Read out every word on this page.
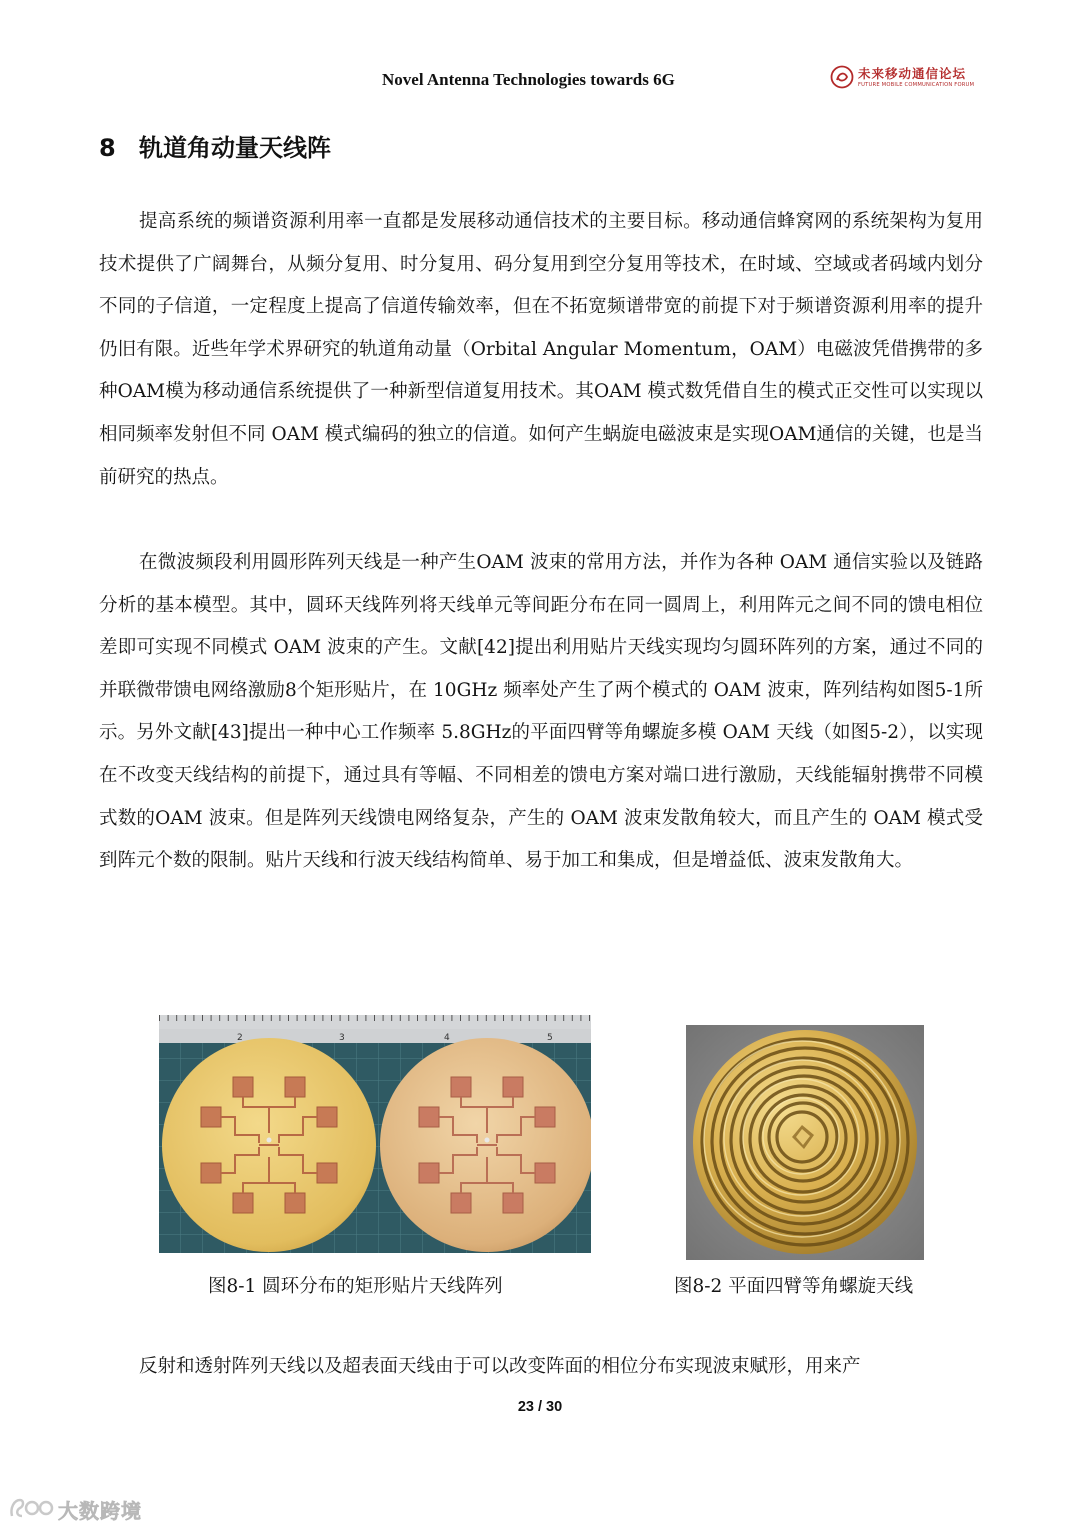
Novel Antenna Technologies towards 6G	未来移动通信论坛
FUTURE MOBILE COMMUNICATION FORUM
8 轨道角动量天线阵
提高系统的频谱资源利用率一直都是发展移动通信技术的主要目标。移动通信蜂窝网的系统架构为复用技术提供了广阔舞台，从频分复用、时分复用、码分复用到空分复用等技术，在时域、空域或者码域内划分不同的子信道，一定程度上提高了信道传输效率，但在不拓宽频谱带宽的前提下对于频谱资源利用率的提升仍旧有限。近些年学术界研究的轨道角动量（Orbital Angular Momentum，OAM）电磁波凭借携带的多种OAM模为移动通信系统提供了一种新型信道复用技术。其OAM 模式数凭借自生的模式正交性可以实现以相同频率发射但不同 OAM 模式编码的独立的信道。如何产生蜗旋电磁波束是实现OAM通信的关键，也是当前研究的热点。
在微波频段利用圆形阵列天线是一种产生OAM 波束的常用方法，并作为各种 OAM 通信实验以及链路分析的基本模型。其中，圆环天线阵列将天线单元等间距分布在同一圆周上，利用阵元之间不同的馈电相位差即可实现不同模式 OAM 波束的产生。文献[42]提出利用贴片天线实现均匀圆环阵列的方案，通过不同的并联微带馈电网络激励8个矩形贴片，在 10GHz 频率处产生了两个模式的 OAM 波束，阵列结构如图5-1所示。另外文献[43]提出一种中心工作频率 5.8GHz的平面四臂等角螺旋多模 OAM 天线（如图5-2），以实现在不改变天线结构的前提下，通过具有等幅、不同相差的馈电方案对端口进行激励，天线能辐射携带不同模式数的OAM 波束。但是阵列天线馈电网络复杂，产生的 OAM 波束发散角较大，而且产生的 OAM 模式受到阵元个数的限制。贴片天线和行波天线结构简单、易于加工和集成，但是增益低、波束发散角大。
2	3	4	5
图8-1 圆环分布的矩形贴片天线阵列	图8-2 平面四臂等角螺旋天线
反射和透射阵列天线以及超表面天线由于可以改变阵面的相位分布实现波束赋形，用来产
23 / 30
大数跨境
